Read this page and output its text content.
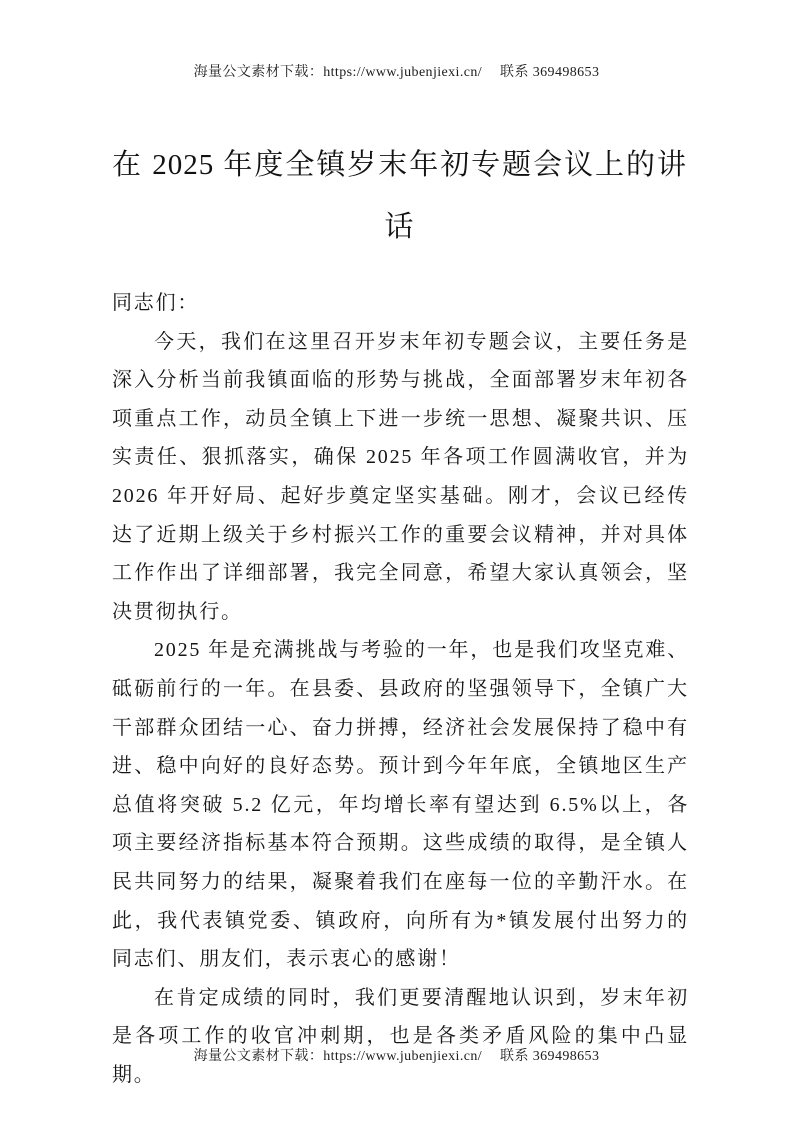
海量公文素材下载：https://www.jubenjiexi.cn/ 联系 369498653
在 2025 年度全镇岁末年初专题会议上的讲
话

同志们：

今天，我们在这里召开岁末年初专题会议，主要任务是深入分析当前我镇面临的形势与挑战，全面部署岁末年初各项重点工作，动员全镇上下进一步统一思想、凝聚共识、压实责任、狠抓落实，确保 2025 年各项工作圆满收官，并为 2026 年开好局、起好步奠定坚实基础。刚才，会议已经传达了近期上级关于乡村振兴工作的重要会议精神，并对具体工作作出了详细部署，我完全同意，希望大家认真领会，坚决贯彻执行。

2025 年是充满挑战与考验的一年，也是我们攻坚克难、砥砺前行的一年。在县委、县政府的坚强领导下，全镇广大干部群众团结一心、奋力拼搏，经济社会发展保持了稳中有进、稳中向好的良好态势。预计到今年年底，全镇地区生产总值将突破 5.2 亿元，年均增长率有望达到 6.5%以上，各项主要经济指标基本符合预期。这些成绩的取得，是全镇人民共同努力的结果，凝聚着我们在座每一位的辛勤汗水。在此，我代表镇党委、镇政府，向所有为*镇发展付出努力的同志们、朋友们，表示衷心的感谢！

在肯定成绩的同时，我们更要清醒地认识到，岁末年初是各项工作的收官冲刺期，也是各类矛盾风险的集中凸显期。

海量公文素材下载：https://www.jubenjiexi.cn/ 联系 369498653
